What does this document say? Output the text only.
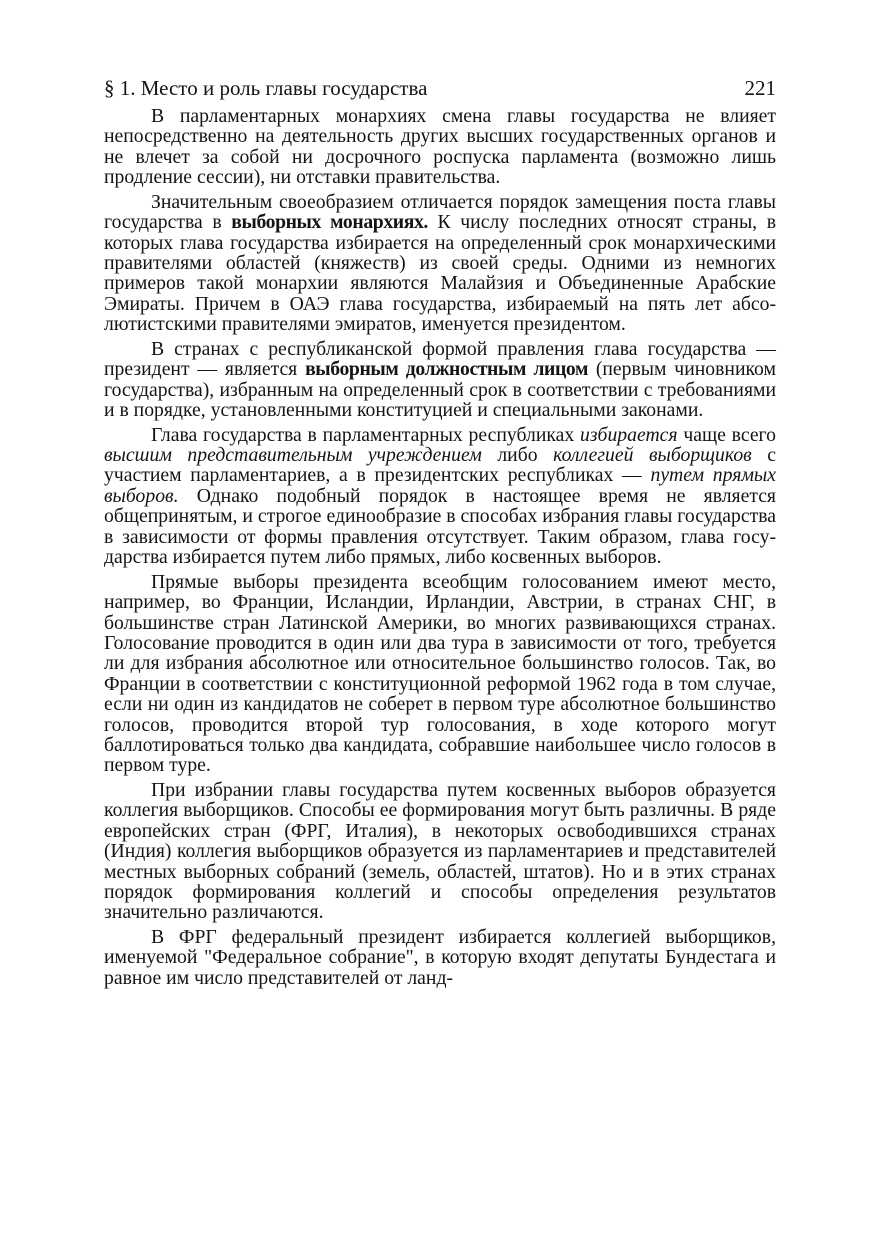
§ 1. Место и роль главы государства	221

В парламентарных монархиях смена главы государства не влияет непосредственно на деятельность других высших государственных органов и не влечет за собой ни досрочного роспуска парламента (возможно лишь продление сессии), ни отставки правительства.

Значительным своеобразием отличается порядок замещения поста главы государства в выборных монархиях. К числу последних относят страны, в которых глава государства избирается на определенный срок монархическими правителями областей (княжеств) из своей среды. Одними из немногих примеров такой монархии являются Малайзия и Объединенные Арабские Эмираты. Причем в ОАЭ глава государства, избираемый на пять лет абсолютистскими правителями эмиратов, именуется президентом.

В странах с республиканской формой правления глава государства — президент — является выборным должностным лицом (первым чиновником государства), избранным на определенный срок в соответствии с требованиями и в порядке, установленными конституцией и специальными законами.

Глава государства в парламентарных республиках избирается чаще всего высшим представительным учреждением либо коллегией выборщиков с участием парламентариев, а в президентских республиках — путем прямых выборов. Однако подобный порядок в настоящее время не является общепринятым, и строгое единообразие в способах избрания главы государства в зависимости от формы правления отсутствует. Таким образом, глава государства избирается путем либо прямых, либо косвенных выборов.

Прямые выборы президента всеобщим голосованием имеют место, например, во Франции, Исландии, Ирландии, Австрии, в странах СНГ, в большинстве стран Латинской Америки, во многих развивающихся странах. Голосование проводится в один или два тура в зависимости от того, требуется ли для избрания абсолютное или относительное большинство голосов. Так, во Франции в соответствии с конституционной реформой 1962 года в том случае, если ни один из кандидатов не соберет в первом туре абсолютное большинство голосов, проводится второй тур голосования, в ходе которого могут баллотироваться только два кандидата, собравшие наибольшее число голосов в первом туре.

При избрании главы государства путем косвенных выборов образуется коллегия выборщиков. Способы ее формирования могут быть различны. В ряде европейских стран (ФРГ, Италия), в некоторых освободившихся странах (Индия) коллегия выборщиков образуется из парламентариев и представителей местных выборных собраний (земель, областей, штатов). Но и в этих странах порядок формирования коллегий и способы определения результатов значительно различаются.

В ФРГ федеральный президент избирается коллегией выборщиков, именуемой "Федеральное собрание", в которую входят депутаты Бундестага и равное им число представителей от ланд-
